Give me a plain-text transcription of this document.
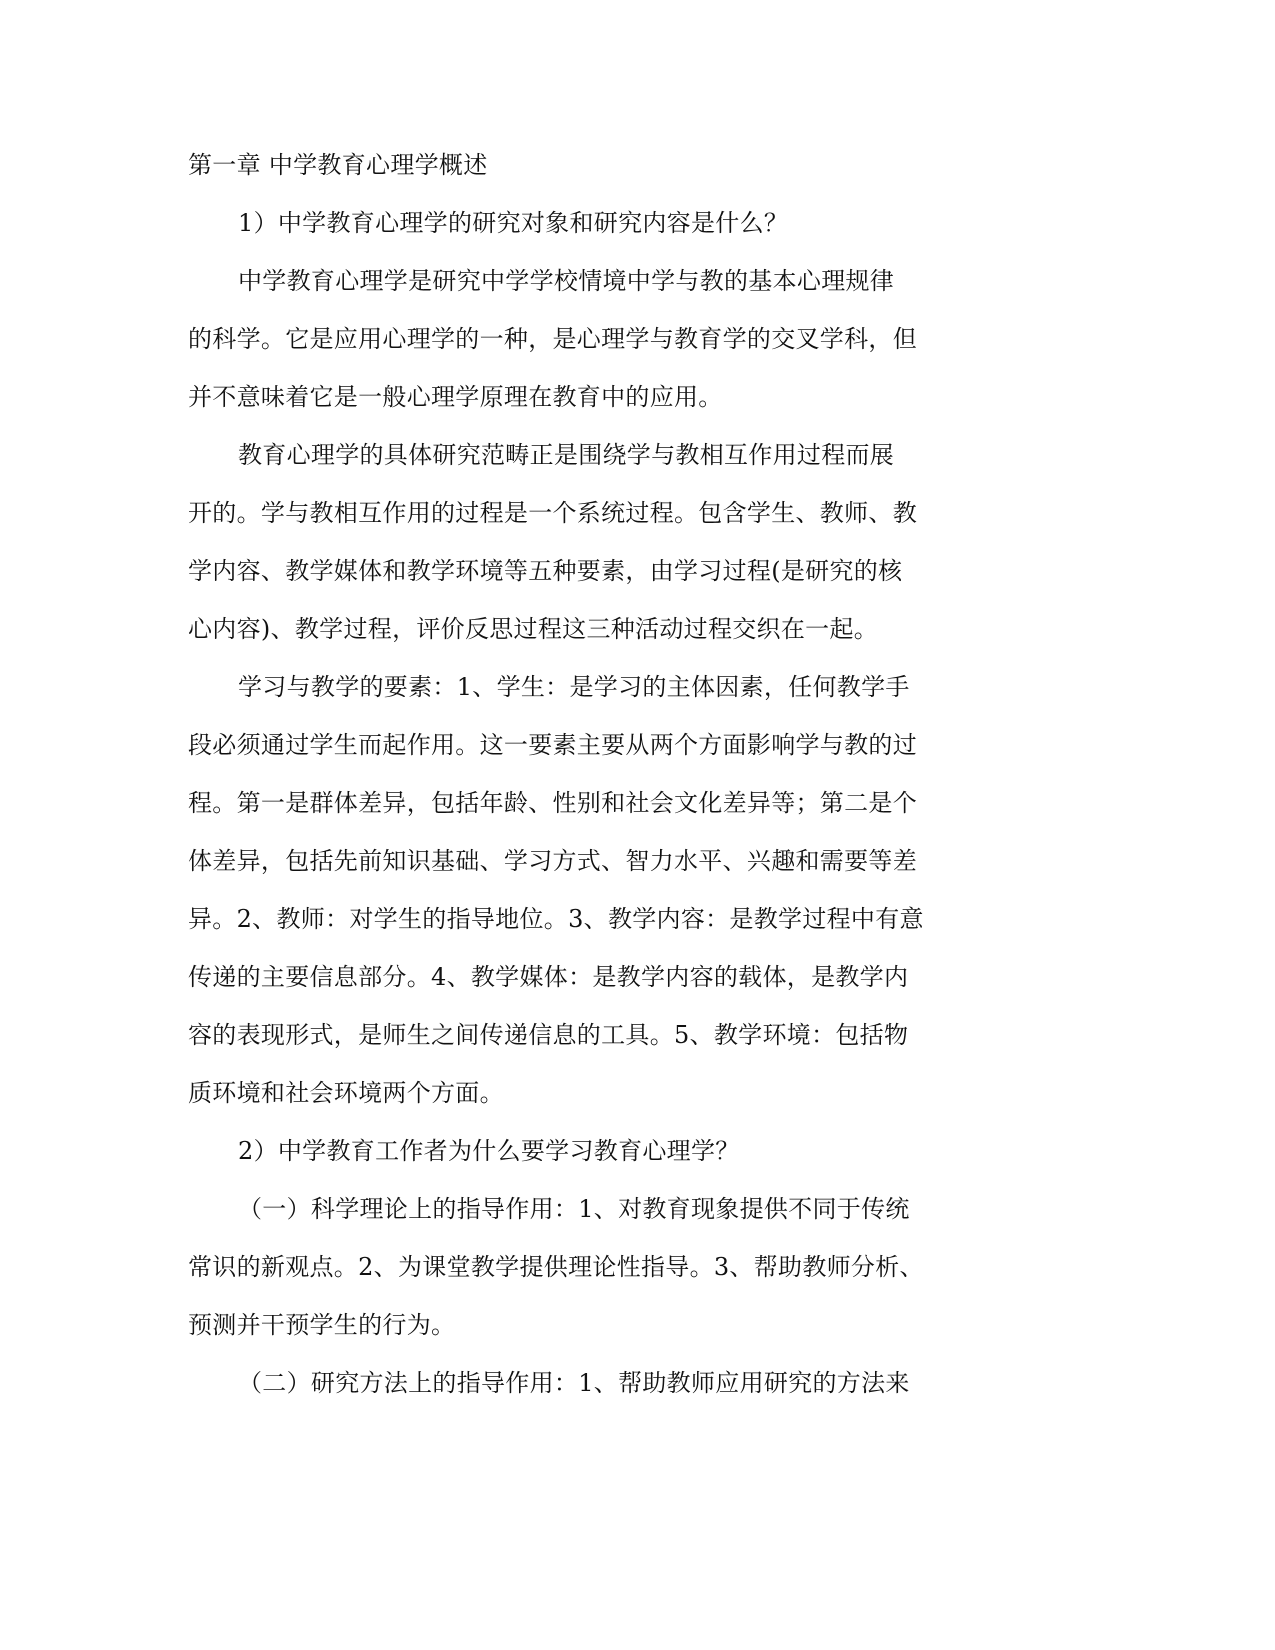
第一章 中学教育心理学概述
1）中学教育心理学的研究对象和研究内容是什么？
中学教育心理学是研究中学学校情境中学与教的基本心理规律
的科学。它是应用心理学的一种，是心理学与教育学的交叉学科，但
并不意味着它是一般心理学原理在教育中的应用。
教育心理学的具体研究范畴正是围绕学与教相互作用过程而展
开的。学与教相互作用的过程是一个系统过程。包含学生、教师、教
学内容、教学媒体和教学环境等五种要素，由学习过程(是研究的核
心内容)、教学过程，评价反思过程这三种活动过程交织在一起。
学习与教学的要素：1、学生：是学习的主体因素，任何教学手
段必须通过学生而起作用。这一要素主要从两个方面影响学与教的过
程。第一是群体差异，包括年龄、性别和社会文化差异等；第二是个
体差异，包括先前知识基础、学习方式、智力水平、兴趣和需要等差
异。2、教师：对学生的指导地位。3、教学内容：是教学过程中有意
传递的主要信息部分。4、教学媒体：是教学内容的载体，是教学内
容的表现形式，是师生之间传递信息的工具。5、教学环境：包括物
质环境和社会环境两个方面。
2）中学教育工作者为什么要学习教育心理学？
（一）科学理论上的指导作用：1、对教育现象提供不同于传统
常识的新观点。2、为课堂教学提供理论性指导。3、帮助教师分析、
预测并干预学生的行为。
（二）研究方法上的指导作用：1、帮助教师应用研究的方法来
